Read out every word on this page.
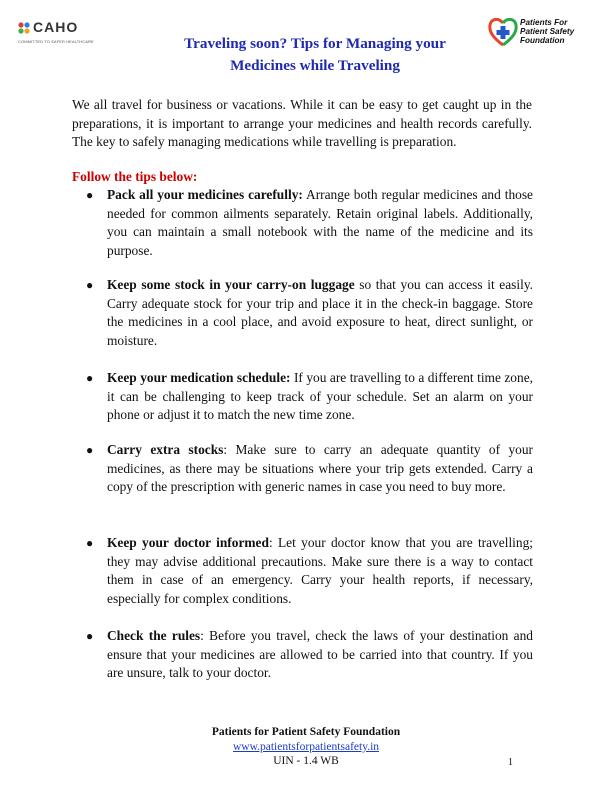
CAHO
COMMITTED TO SAFER HEALTHCARE
Patients For
Patient Safety
Foundation
Traveling soon? Tips for Managing your
Medicines while Traveling
We all travel for business or vacations. While it can be easy to get caught up in the preparations, it is important to arrange your medicines and health records carefully. The key to safely managing medications while travelling is preparation.
Follow the tips below:
● Pack all your medicines carefully: Arrange both regular medicines and those needed for common ailments separately. Retain original labels. Additionally, you can maintain a small notebook with the name of the medicine and its purpose.
● Keep some stock in your carry-on luggage so that you can access it easily. Carry adequate stock for your trip and place it in the check-in baggage. Store the medicines in a cool place, and avoid exposure to heat, direct sunlight, or moisture.
● Keep your medication schedule: If you are travelling to a different time zone, it can be challenging to keep track of your schedule. Set an alarm on your phone or adjust it to match the new time zone.
● Carry extra stocks: Make sure to carry an adequate quantity of your medicines, as there may be situations where your trip gets extended. Carry a copy of the prescription with generic names in case you need to buy more.
● Keep your doctor informed: Let your doctor know that you are travelling; they may advise additional precautions. Make sure there is a way to contact them in case of an emergency. Carry your health reports, if necessary, especially for complex conditions.
● Check the rules: Before you travel, check the laws of your destination and ensure that your medicines are allowed to be carried into that country. If you are unsure, talk to your doctor.
Patients for Patient Safety Foundation
www.patientsforpatientsafety.in
UIN - 1.4 WB	1
